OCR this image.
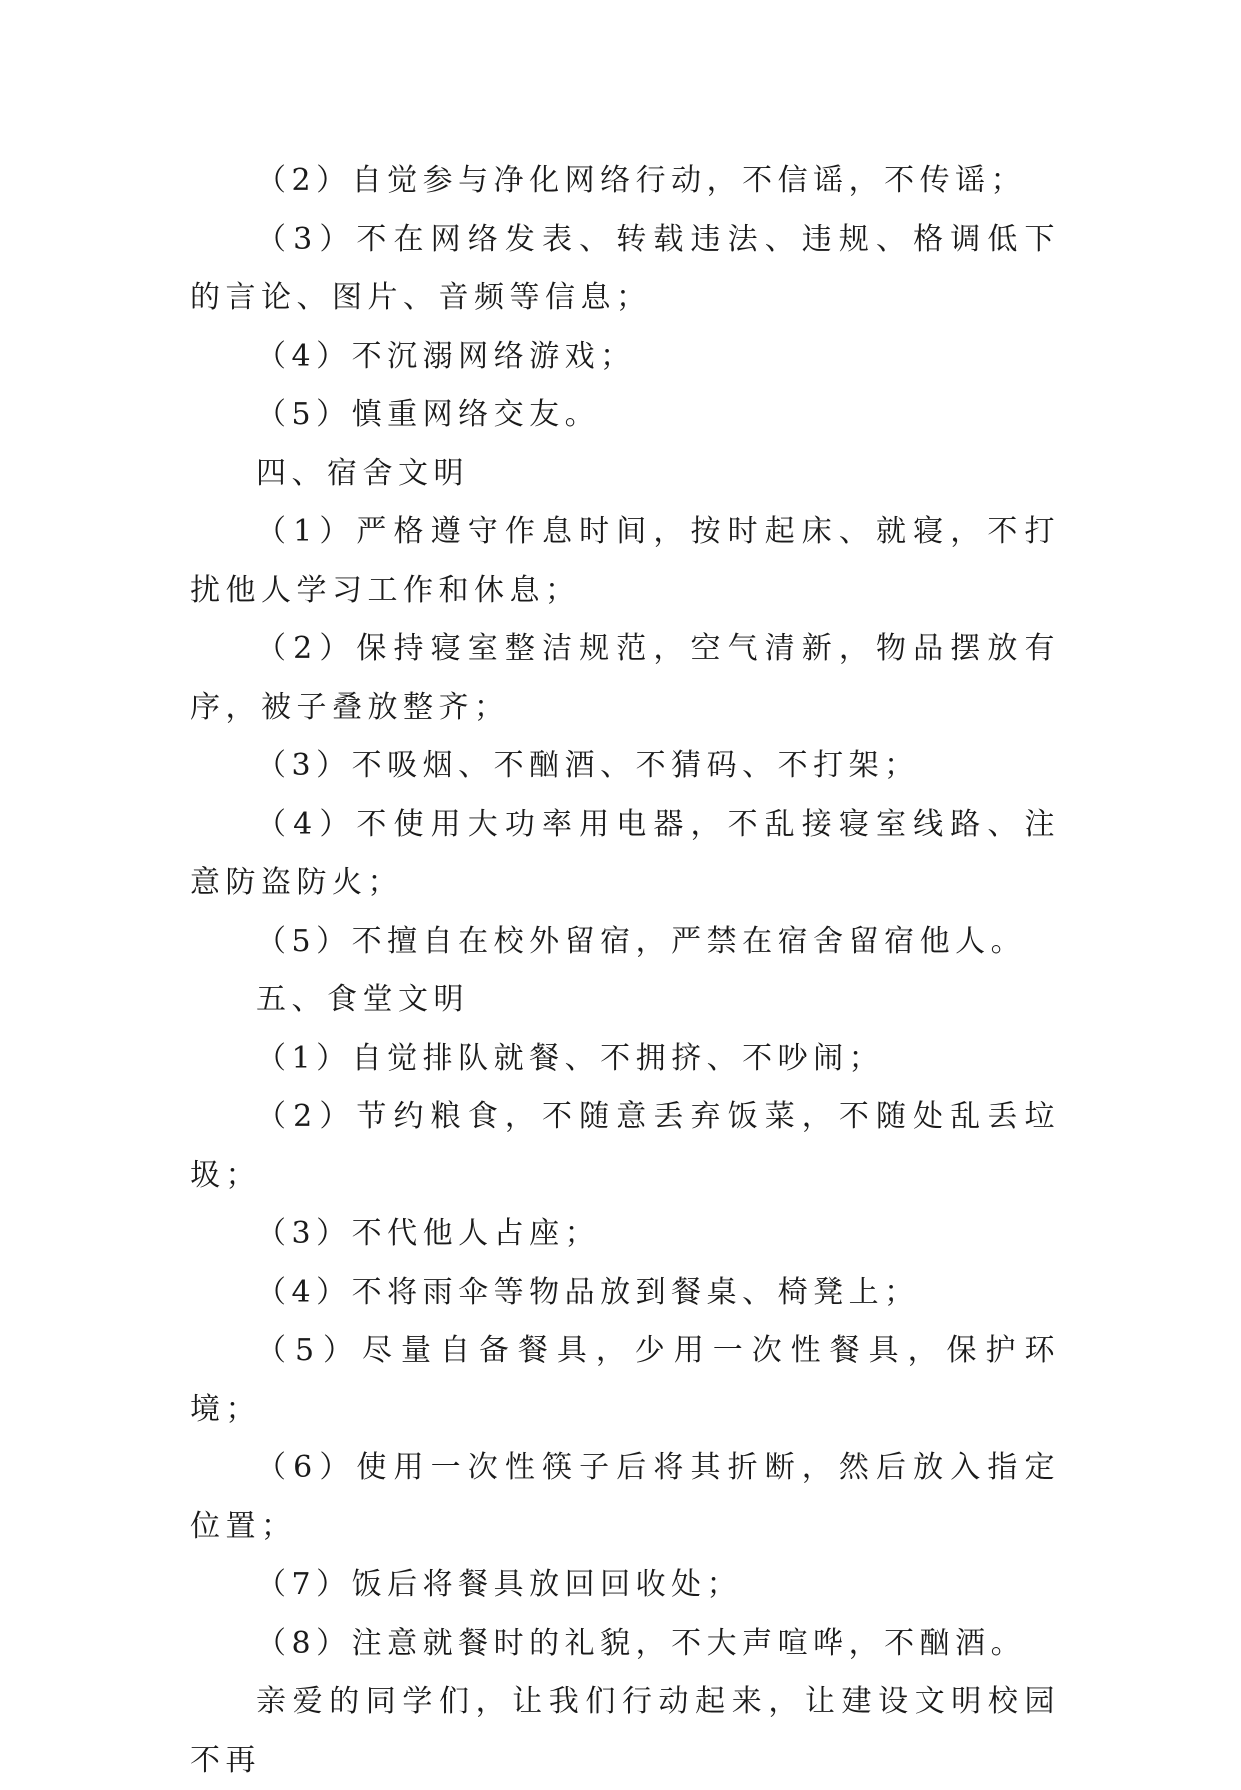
（2）自觉参与净化网络行动，不信谣，不传谣；

（3）不在网络发表、转载违法、违规、格调低下的言论、图片、音频等信息；

（4）不沉溺网络游戏；

（5）慎重网络交友。

四、宿舍文明

（1）严格遵守作息时间，按时起床、就寝，不打扰他人学习工作和休息；

（2）保持寝室整洁规范，空气清新，物品摆放有序，被子叠放整齐；

（3）不吸烟、不酗酒、不猜码、不打架；

（4）不使用大功率用电器，不乱接寝室线路、注意防盗防火；

（5）不擅自在校外留宿，严禁在宿舍留宿他人。

五、食堂文明

（1）自觉排队就餐、不拥挤、不吵闹；

（2）节约粮食，不随意丢弃饭菜，不随处乱丢垃圾；

（3）不代他人占座；

（4）不将雨伞等物品放到餐桌、椅凳上；

（5）尽量自备餐具，少用一次性餐具，保护环境；

（6）使用一次性筷子后将其折断，然后放入指定位置；

（7）饭后将餐具放回回收处；

（8）注意就餐时的礼貌，不大声喧哗，不酗酒。

亲爱的同学们，让我们行动起来，让建设文明校园不再
